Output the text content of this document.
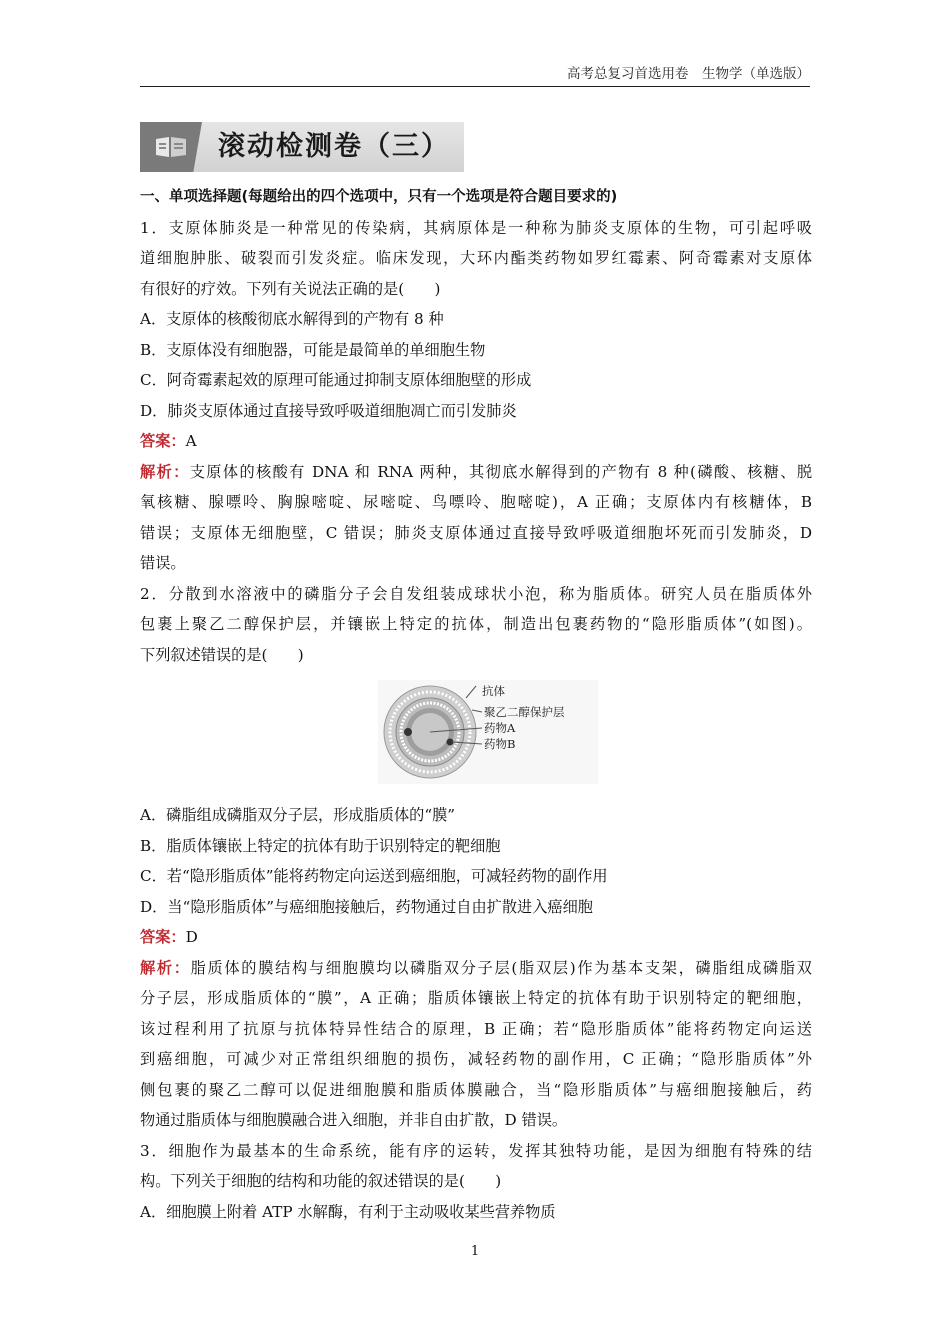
高考总复习首选用卷　生物学（单选版）
滚动检测卷（三）
一、单项选择题(每题给出的四个选项中，只有一个选项是符合题目要求的)
1．支原体肺炎是一种常见的传染病，其病原体是一种称为肺炎支原体的生物，可引起呼吸
道细胞肿胀、破裂而引发炎症。临床发现，大环内酯类药物如罗红霉素、阿奇霉素对支原体
有很好的疗效。下列有关说法正确的是(　　)
A．支原体的核酸彻底水解得到的产物有 8 种
B．支原体没有细胞器，可能是最简单的单细胞生物
C．阿奇霉素起效的原理可能通过抑制支原体细胞壁的形成
D．肺炎支原体通过直接导致呼吸道细胞凋亡而引发肺炎
答案：A
解析：支原体的核酸有 DNA 和 RNA 两种，其彻底水解得到的产物有 8 种(磷酸、核糖、脱
氧核糖、腺嘌呤、胸腺嘧啶、尿嘧啶、鸟嘌呤、胞嘧啶)，A 正确；支原体内有核糖体，B
错误；支原体无细胞壁，C 错误；肺炎支原体通过直接导致呼吸道细胞坏死而引发肺炎，D
错误。
2．分散到水溶液中的磷脂分子会自发组装成球状小泡，称为脂质体。研究人员在脂质体外
包裹上聚乙二醇保护层，并镶嵌上特定的抗体，制造出包裹药物的“隐形脂质体”(如图)。
下列叙述错误的是(　　)
抗体
聚乙二醇保护层
药物A
药物B
A．磷脂组成磷脂双分子层，形成脂质体的“膜”
B．脂质体镶嵌上特定的抗体有助于识别特定的靶细胞
C．若“隐形脂质体”能将药物定向运送到癌细胞，可减轻药物的副作用
D．当“隐形脂质体”与癌细胞接触后，药物通过自由扩散进入癌细胞
答案：D
解析：脂质体的膜结构与细胞膜均以磷脂双分子层(脂双层)作为基本支架，磷脂组成磷脂双
分子层，形成脂质体的“膜”，A 正确；脂质体镶嵌上特定的抗体有助于识别特定的靶细胞，
该过程利用了抗原与抗体特异性结合的原理，B 正确；若“隐形脂质体”能将药物定向运送
到癌细胞，可减少对正常组织细胞的损伤，减轻药物的副作用，C 正确；“隐形脂质体”外
侧包裹的聚乙二醇可以促进细胞膜和脂质体膜融合，当“隐形脂质体”与癌细胞接触后，药
物通过脂质体与细胞膜融合进入细胞，并非自由扩散，D 错误。
3．细胞作为最基本的生命系统，能有序的运转，发挥其独特功能，是因为细胞有特殊的结
构。下列关于细胞的结构和功能的叙述错误的是(　　)
A．细胞膜上附着 ATP 水解酶，有利于主动吸收某些营养物质
1
